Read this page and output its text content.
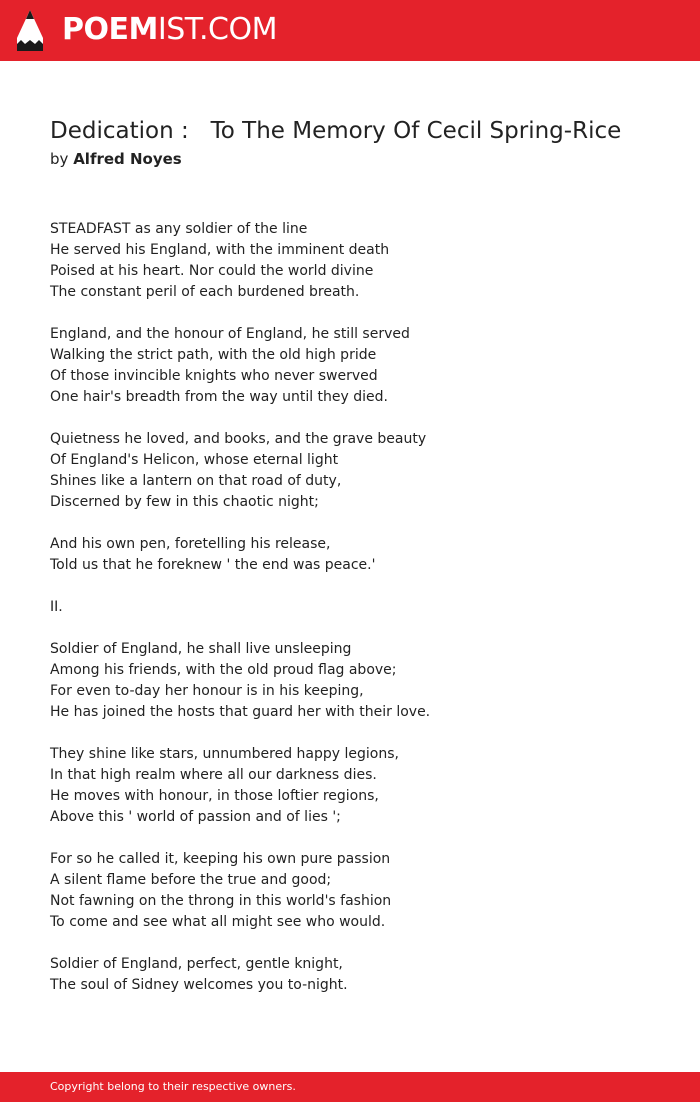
POEMIST.COM
Dedication :   To The Memory Of Cecil Spring-Rice
by Alfred Noyes
STEADFAST as any soldier of the line
He served his England, with the imminent death
Poised at his heart. Nor could the world divine
The constant peril of each burdened breath.
England, and the honour of England, he still served
Walking the strict path, with the old high pride
Of those invincible knights who never swerved
One hair's breadth from the way until they died.
Quietness he loved, and books, and the grave beauty
Of England's Helicon, whose eternal light
Shines like a lantern on that road of duty,
Discerned by few in this chaotic night;
And his own pen, foretelling his release,
Told us that he foreknew ' the end was peace.'
II.
Soldier of England, he shall live unsleeping
Among his friends, with the old proud flag above;
For even to-day her honour is in his keeping,
He has joined the hosts that guard her with their love.
They shine like stars, unnumbered happy legions,
In that high realm where all our darkness dies.
He moves with honour, in those loftier regions,
Above this ' world of passion and of lies ';
For so he called it, keeping his own pure passion
A silent flame before the true and good;
Not fawning on the throng in this world's fashion
To come and see what all might see who would.
Soldier of England, perfect, gentle knight,
The soul of Sidney welcomes you to-night.
Copyright belong to their respective owners.
